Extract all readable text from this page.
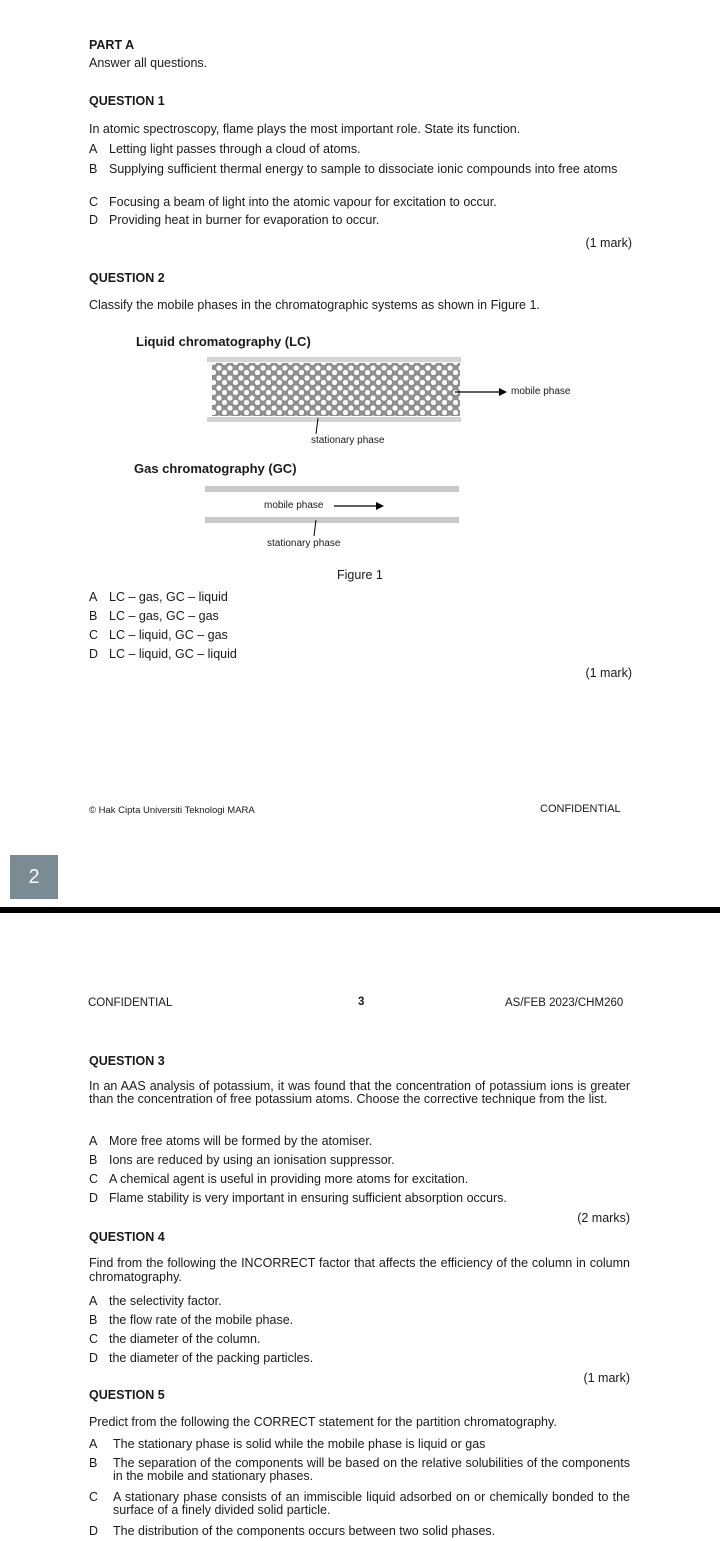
PART A
Answer all questions.
QUESTION 1
In atomic spectroscopy, flame plays the most important role. State its function.
A Letting light passes through a cloud of atoms.
B Supplying sufficient thermal energy to sample to dissociate ionic compounds into free atoms
C Focusing a beam of light into the atomic vapour for excitation to occur.
D Providing heat in burner for evaporation to occur.
(1 mark)
QUESTION 2
Classify the mobile phases in the chromatographic systems as shown in Figure 1.
Liquid chromatography (LC)
mobile phase
stationary phase
Gas chromatography (GC)
mobile phase
stationary phase
Figure 1
A LC – gas, GC – liquid
B LC – gas, GC – gas
C LC – liquid, GC – gas
D LC – liquid, GC – liquid
(1 mark)
© Hak Cipta Universiti Teknologi MARA	CONFIDENTIAL
2
CONFIDENTIAL	3	AS/FEB 2023/CHM260
QUESTION 3
In an AAS analysis of potassium, it was found that the concentration of potassium ions is greater than the concentration of free potassium atoms. Choose the corrective technique from the list.
A More free atoms will be formed by the atomiser.
B Ions are reduced by using an ionisation suppressor.
C A chemical agent is useful in providing more atoms for excitation.
D Flame stability is very important in ensuring sufficient absorption occurs.
(2 marks)
QUESTION 4
Find from the following the INCORRECT factor that affects the efficiency of the column in column chromatography.
A the selectivity factor.
B the flow rate of the mobile phase.
C the diameter of the column.
D the diameter of the packing particles.
(1 mark)
QUESTION 5
Predict from the following the CORRECT statement for the partition chromatography.
A	The stationary phase is solid while the mobile phase is liquid or gas
B	The separation of the components will be based on the relative solubilities of the components in the mobile and stationary phases.
C	A stationary phase consists of an immiscible liquid adsorbed on or chemically bonded to the surface of a finely divided solid particle.
D	The distribution of the components occurs between two solid phases.
